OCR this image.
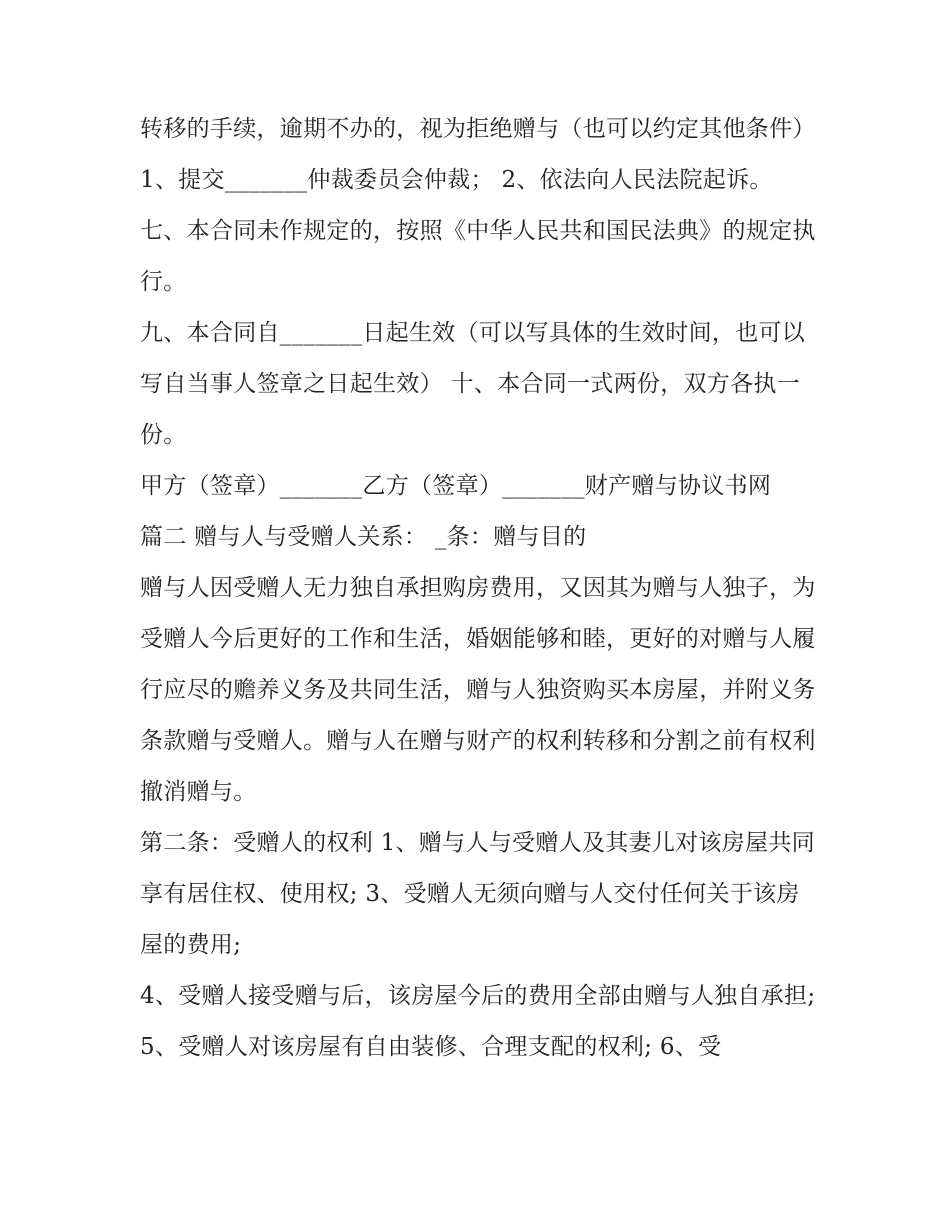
转移的手续，逾期不办的，视为拒绝赠与（也可以约定其他条件）

1、提交_______仲裁委员会仲裁； 2、依法向人民法院起诉。

七、本合同未作规定的，按照《中华人民共和国民法典》的规定执行。

九、本合同自_______日起生效（可以写具体的生效时间，也可以写自当事人签章之日起生效） 十、本合同一式两份，双方各执一份。

甲方（签章）_______乙方（签章）_______财产赠与协议书网

篇二 赠与人与受赠人关系： _条：赠与目的

赠与人因受赠人无力独自承担购房费用，又因其为赠与人独子，为受赠人今后更好的工作和生活，婚姻能够和睦，更好的对赠与人履行应尽的赡养义务及共同生活，赠与人独资购买本房屋，并附义务条款赠与受赠人。赠与人在赠与财产的权利转移和分割之前有权利撤消赠与。

第二条：受赠人的权利 1、赠与人与受赠人及其妻儿对该房屋共同享有居住权、使用权; 3、受赠人无须向赠与人交付任何关于该房屋的费用;

4、受赠人接受赠与后，该房屋今后的费用全部由赠与人独自承担; 5、受赠人对该房屋有自由装修、合理支配的权利; 6、受
